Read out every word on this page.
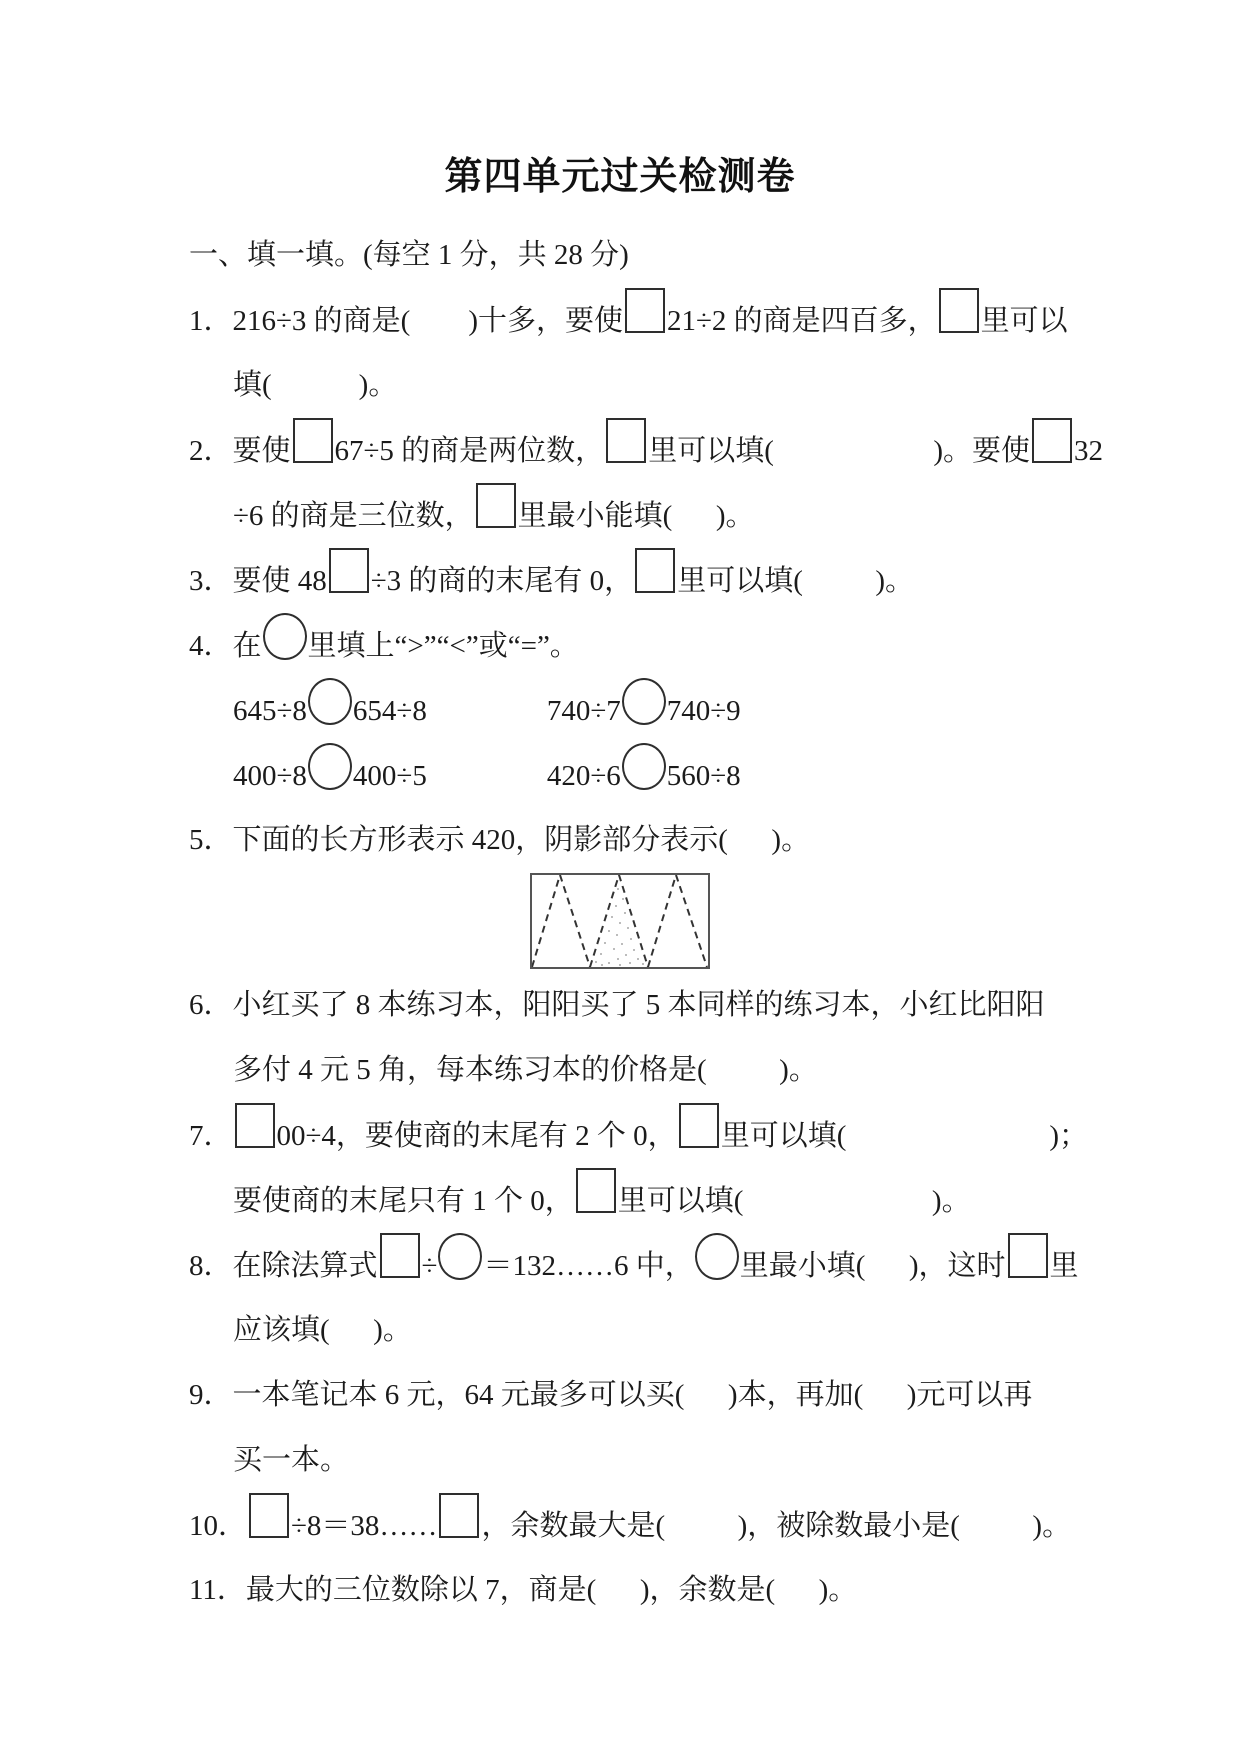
第四单元过关检测卷
一、填一填。(每空 1 分，共 28 分)
1．216÷3 的商是(        )十多，要使 21÷2 的商是四百多， 里可以
填(            )。
2．要使 67÷5 的商是两位数， 里可以填(                      )。要使 32
÷6 的商是三位数， 里最小能填(      )。
3．要使 48 ÷3 的商的末尾有 0， 里可以填(          )。
4．在 里填上“>”“<”或“=”。
645÷8 654÷8	740÷7 740÷9
400÷8 400÷5	420÷6 560÷8
5．下面的长方形表示 420，阴影部分表示(      )。
6．小红买了 8 本练习本，阳阳买了 5 本同样的练习本，小红比阳阳
多付 4 元 5 角，每本练习本的价格是(          )。
7． 00÷4，要使商的末尾有 2 个 0， 里可以填(                            )；
要使商的末尾只有 1 个 0， 里可以填(                          )。
8．在除法算式 ÷ ＝132……6 中， 里最小填(      )，这时 里
应该填(      )。
9．一本笔记本 6 元，64 元最多可以买(      )本，再加(      )元可以再
买一本。
10． ÷8＝38…… ，余数最大是(          )，被除数最小是(          )。
11．最大的三位数除以 7，商是(      )，余数是(      )。
